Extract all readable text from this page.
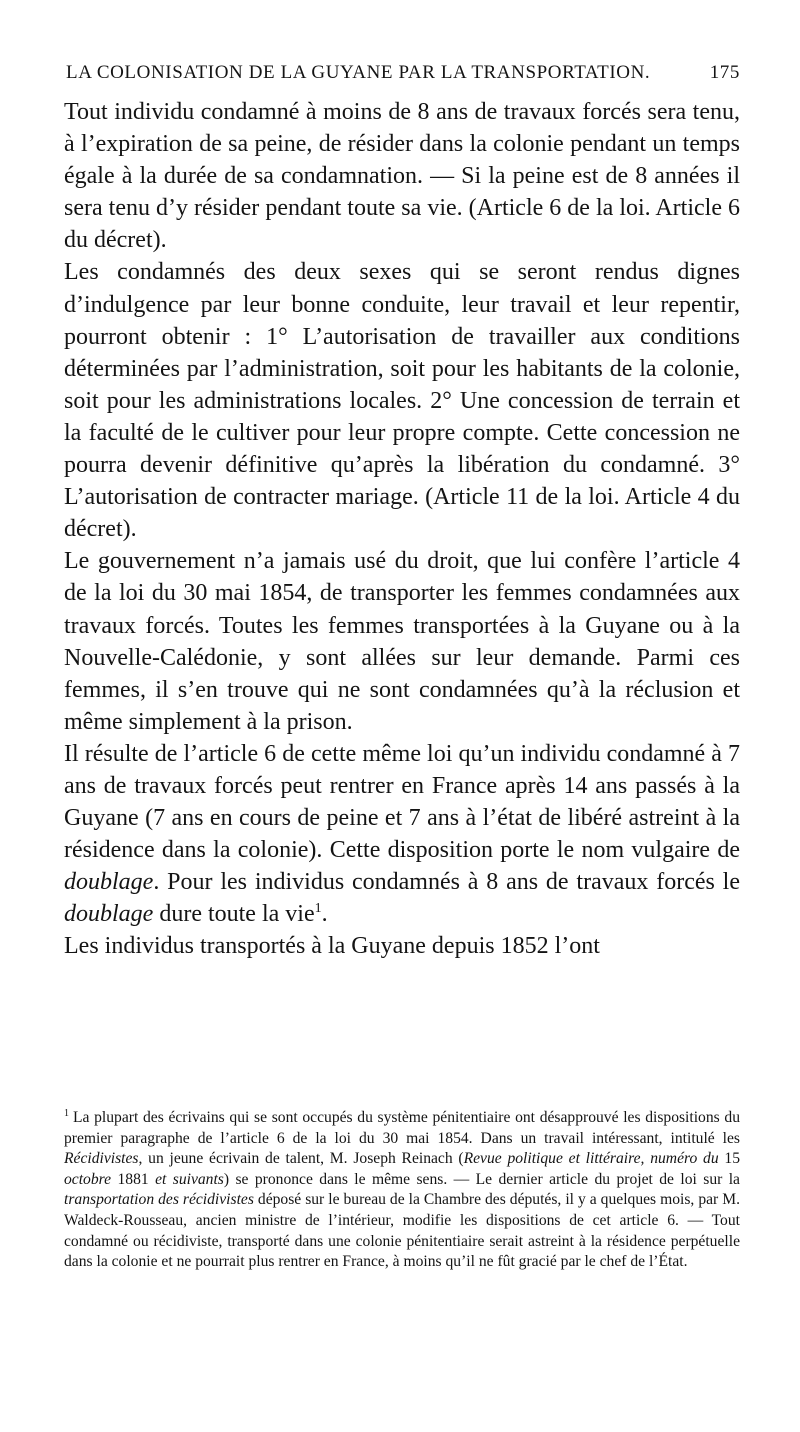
LA COLONISATION DE LA GUYANE PAR LA TRANSPORTATION.	175

Tout individu condamné à moins de 8 ans de travaux forcés sera tenu, à l’expiration de sa peine, de résider dans la colonie pendant un temps égale à la durée de sa condamnation. — Si la peine est de 8 années il sera tenu d’y résider pendant toute sa vie. (Article 6 de la loi. Article 6 du décret).

Les condamnés des deux sexes qui se seront rendus dignes d’indulgence par leur bonne conduite, leur travail et leur repentir, pourront obtenir : 1° L’autorisation de travailler aux conditions déterminées par l’administration, soit pour les habitants de la colonie, soit pour les administrations locales. 2° Une concession de terrain et la faculté de le cultiver pour leur propre compte. Cette concession ne pourra devenir définitive qu’après la libération du condamné. 3° L’autorisation de contracter mariage. (Article 11 de la loi. Article 4 du décret).

Le gouvernement n’a jamais usé du droit, que lui confère l’article 4 de la loi du 30 mai 1854, de transporter les femmes condamnées aux travaux forcés. Toutes les femmes transportées à la Guyane ou à la Nouvelle-Calédonie, y sont allées sur leur demande. Parmi ces femmes, il s’en trouve qui ne sont condamnées qu’à la réclusion et même simplement à la prison.

Il résulte de l’article 6 de cette même loi qu’un individu condamné à 7 ans de travaux forcés peut rentrer en France après 14 ans passés à la Guyane (7 ans en cours de peine et 7 ans à l’état de libéré astreint à la résidence dans la colonie). Cette disposition porte le nom vulgaire de doublage. Pour les individus condamnés à 8 ans de travaux forcés le doublage dure toute la vie$^1$.

Les individus transportés à la Guyane depuis 1852 l’ont

$^1$ La plupart des écrivains qui se sont occupés du système pénitentiaire ont désapprouvé les dispositions du premier paragraphe de l’article 6 de la loi du 30 mai 1854. Dans un travail intéressant, intitulé les Récidivistes, un jeune écrivain de talent, M. Joseph Reinach (Revue politique et littéraire, numéro du 15 octobre 1881 et suivants) se prononce dans le même sens. — Le dernier article du projet de loi sur la transportation des récidivistes déposé sur le bureau de la Chambre des députés, il y a quelques mois, par M. Waldeck-Rousseau, ancien ministre de l’intérieur, modifie les dispositions de cet article 6. — Tout condamné ou récidiviste, transporté dans une colonie pénitentiaire serait astreint à la résidence perpétuelle dans la colonie et ne pourrait plus rentrer en France, à moins qu’il ne fût gracié par le chef de l’État.
